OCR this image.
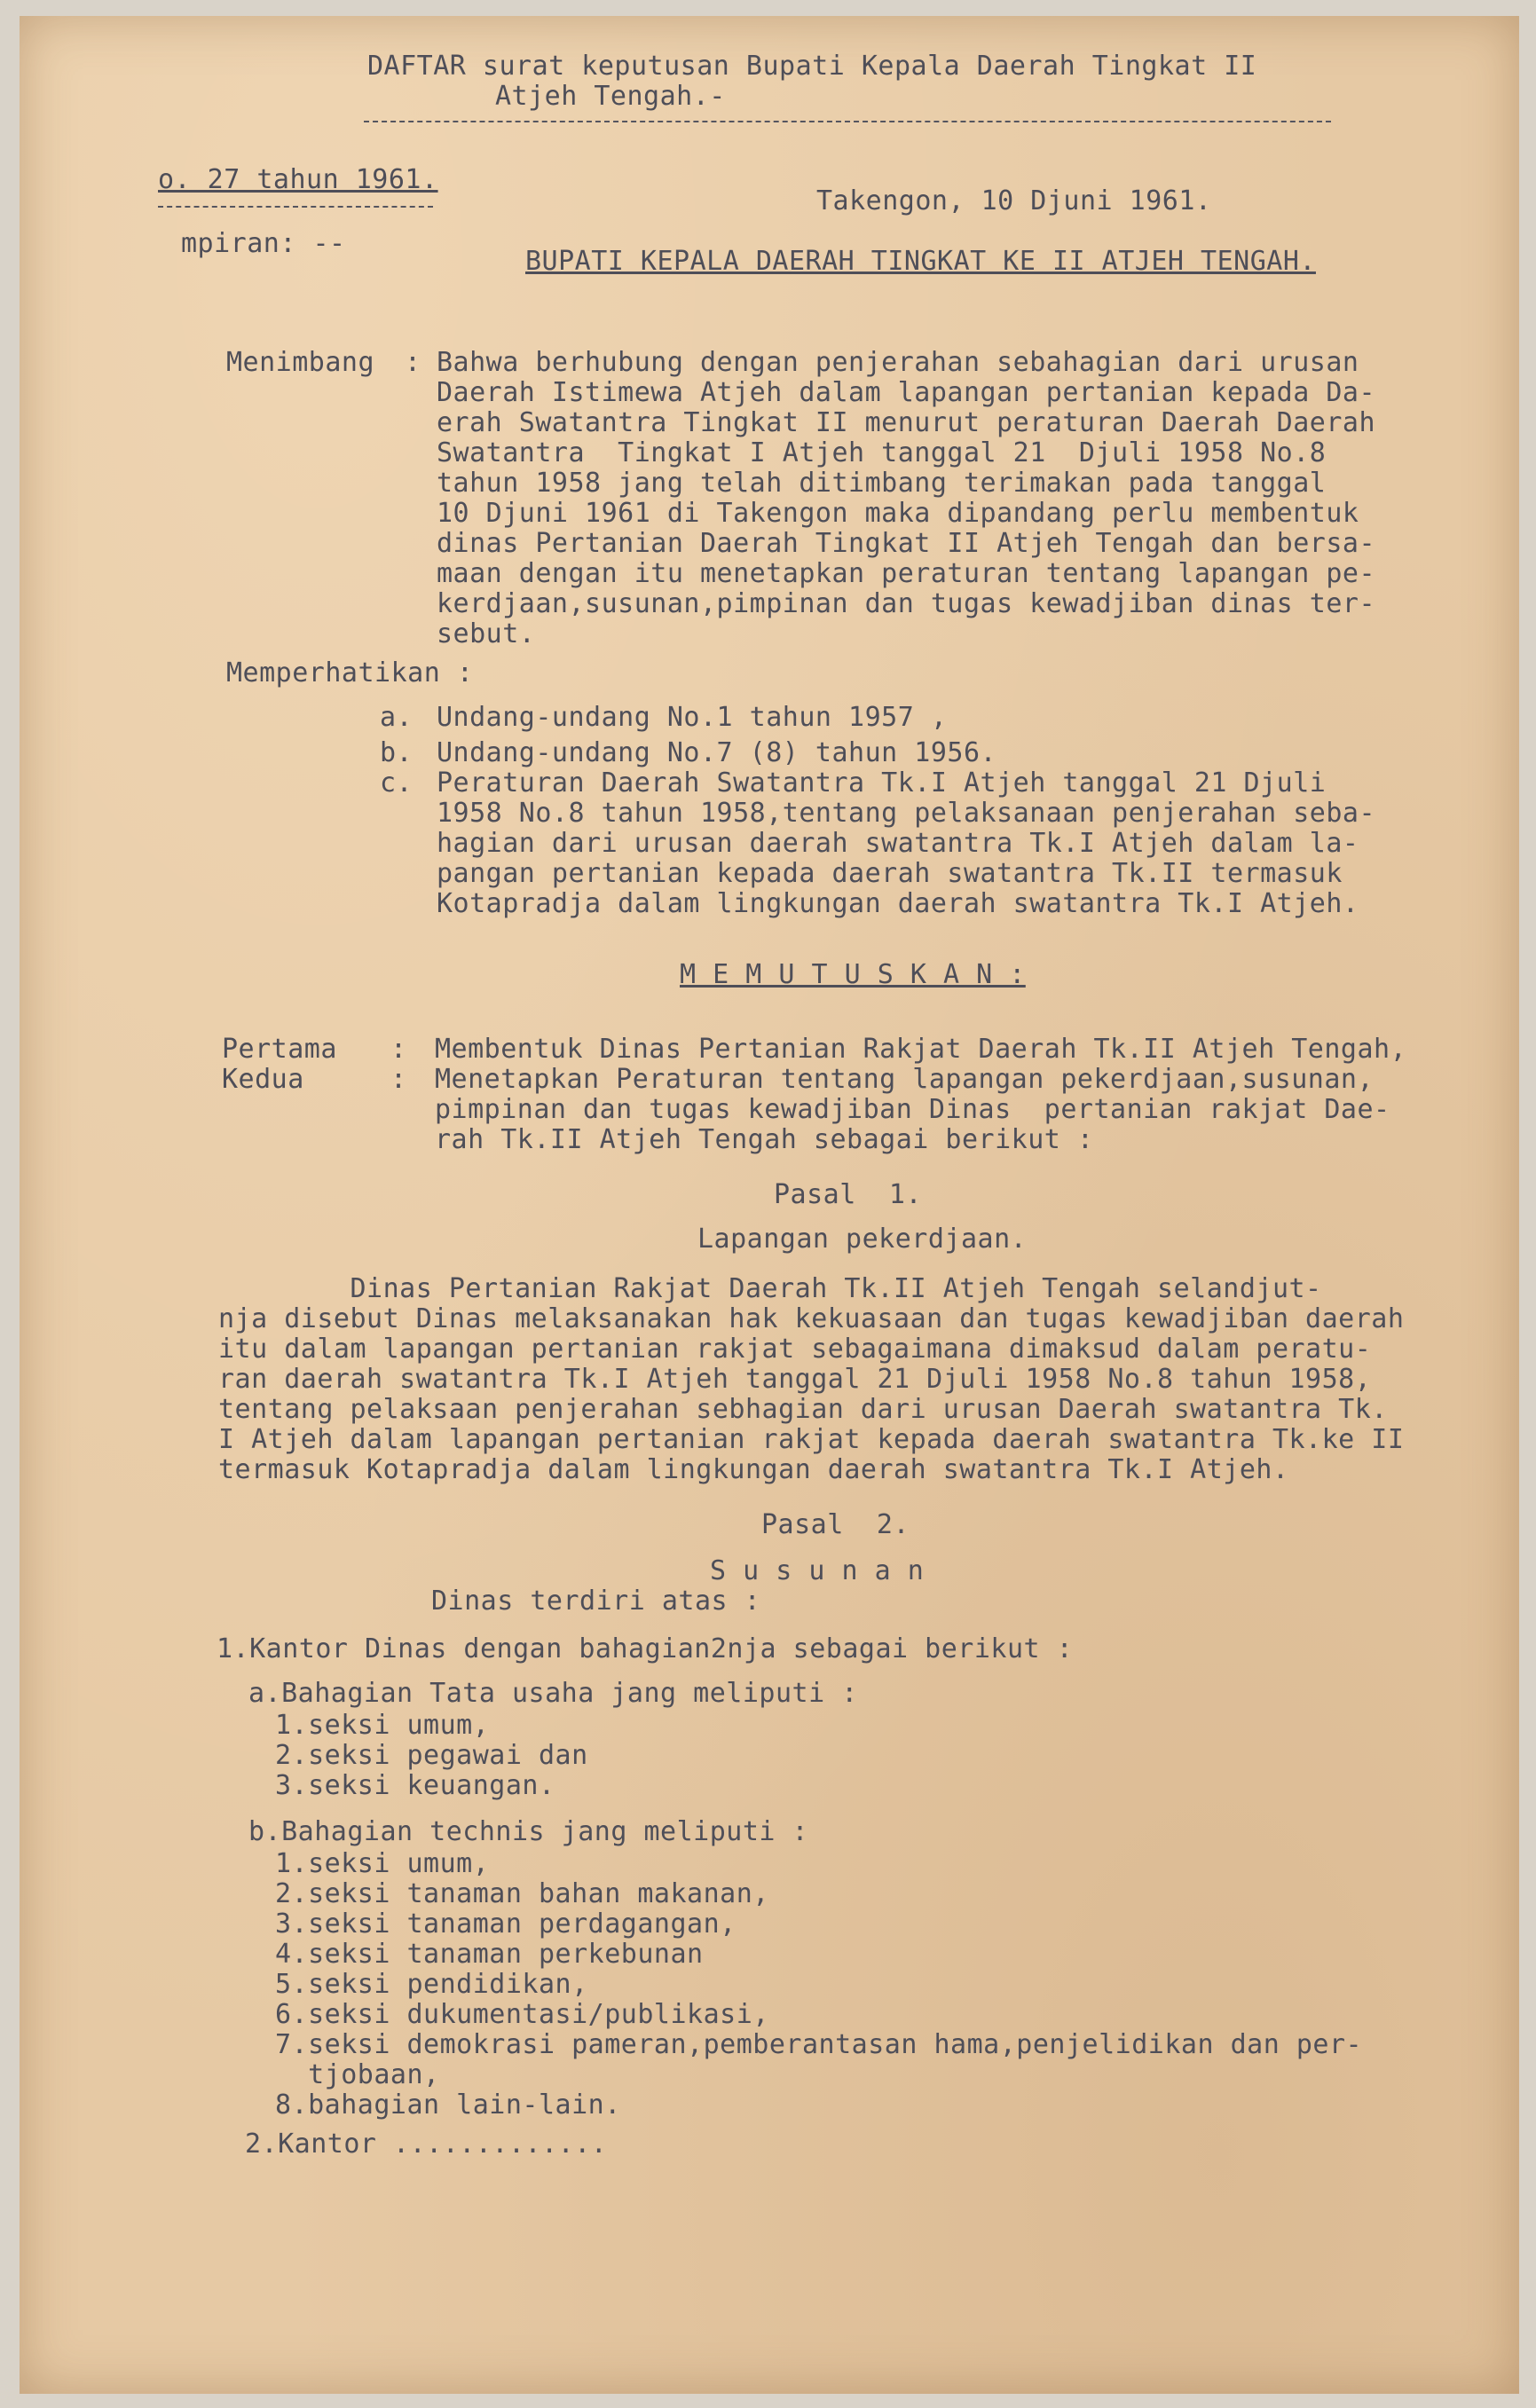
DAFTAR surat keputusan Bupati Kepala Daerah Tingkat II
Atjeh Tengah.-
o. 27 tahun 1961.
mpiran: --
Takengon, 10 Djuni 1961.
BUPATI KEPALA DAERAH TINGKAT KE II ATJEH TENGAH.
Menimbang : Bahwa berhubung dengan penjerahan sebahagian dari urusan
Daerah Istimewa Atjeh dalam lapangan pertanian kepada Da-
erah Swatantra Tingkat II menurut peraturan Daerah Daerah
Swatantra  Tingkat I Atjeh tanggal 21  Djuli 1958 No.8
tahun 1958 jang telah ditimbang terimakan pada tanggal
10 Djuni 1961 di Takengon maka dipandang perlu membentuk
dinas Pertanian Daerah Tingkat II Atjeh Tengah dan bersa-
maan dengan itu menetapkan peraturan tentang lapangan pe-
kerdjaan,susunan,pimpinan dan tugas kewadjiban dinas ter-
sebut.
Memperhatikan :
a. Undang-undang No.1 tahun 1957 ,
b. Undang-undang No.7 (8) tahun 1956.
c. Peraturan Daerah Swatantra Tk.I Atjeh tanggal 21 Djuli
1958 No.8 tahun 1958,tentang pelaksanaan penjerahan seba-
hagian dari urusan daerah swatantra Tk.I Atjeh dalam la-
pangan pertanian kepada daerah swatantra Tk.II termasuk
Kotapradja dalam lingkungan daerah swatantra Tk.I Atjeh.
M E M U T U S K A N :
Pertama : Membentuk Dinas Pertanian Rakjat Daerah Tk.II Atjeh Tengah,
Kedua	: Menetapkan Peraturan tentang lapangan pekerdjaan,susunan,
pimpinan dan tugas kewadjiban Dinas  pertanian rakjat Dae-
rah Tk.II Atjeh Tengah sebagai berikut :
Pasal  1.
Lapangan pekerdjaan.
Dinas Pertanian Rakjat Daerah Tk.II Atjeh Tengah selandjut-
nja disebut Dinas melaksanakan hak kekuasaan dan tugas kewadjiban daerah
itu dalam lapangan pertanian rakjat sebagaimana dimaksud dalam peratu-
ran daerah swatantra Tk.I Atjeh tanggal 21 Djuli 1958 No.8 tahun 1958,
tentang pelaksaan penjerahan sebhagian dari urusan Daerah swatantra Tk.
I Atjeh dalam lapangan pertanian rakjat kepada daerah swatantra Tk.ke II
termasuk Kotapradja dalam lingkungan daerah swatantra Tk.I Atjeh.
Pasal  2.
S u s u n a n
Dinas terdiri atas :
1.Kantor Dinas dengan bahagian2nja sebagai berikut :
a.Bahagian Tata usaha jang meliputi :
1.seksi umum,
2.seksi pegawai dan
3.seksi keuangan.
b.Bahagian technis jang meliputi :
1.seksi umum,
2.seksi tanaman bahan makanan,
3.seksi tanaman perdagangan,
4.seksi tanaman perkebunan
5.seksi pendidikan,
6.seksi dukumentasi/publikasi,
7.seksi demokrasi pameran,pemberantasan hama,penjelidikan dan per-
tjobaan,
8.bahagian lain-lain.
2.Kantor .............
